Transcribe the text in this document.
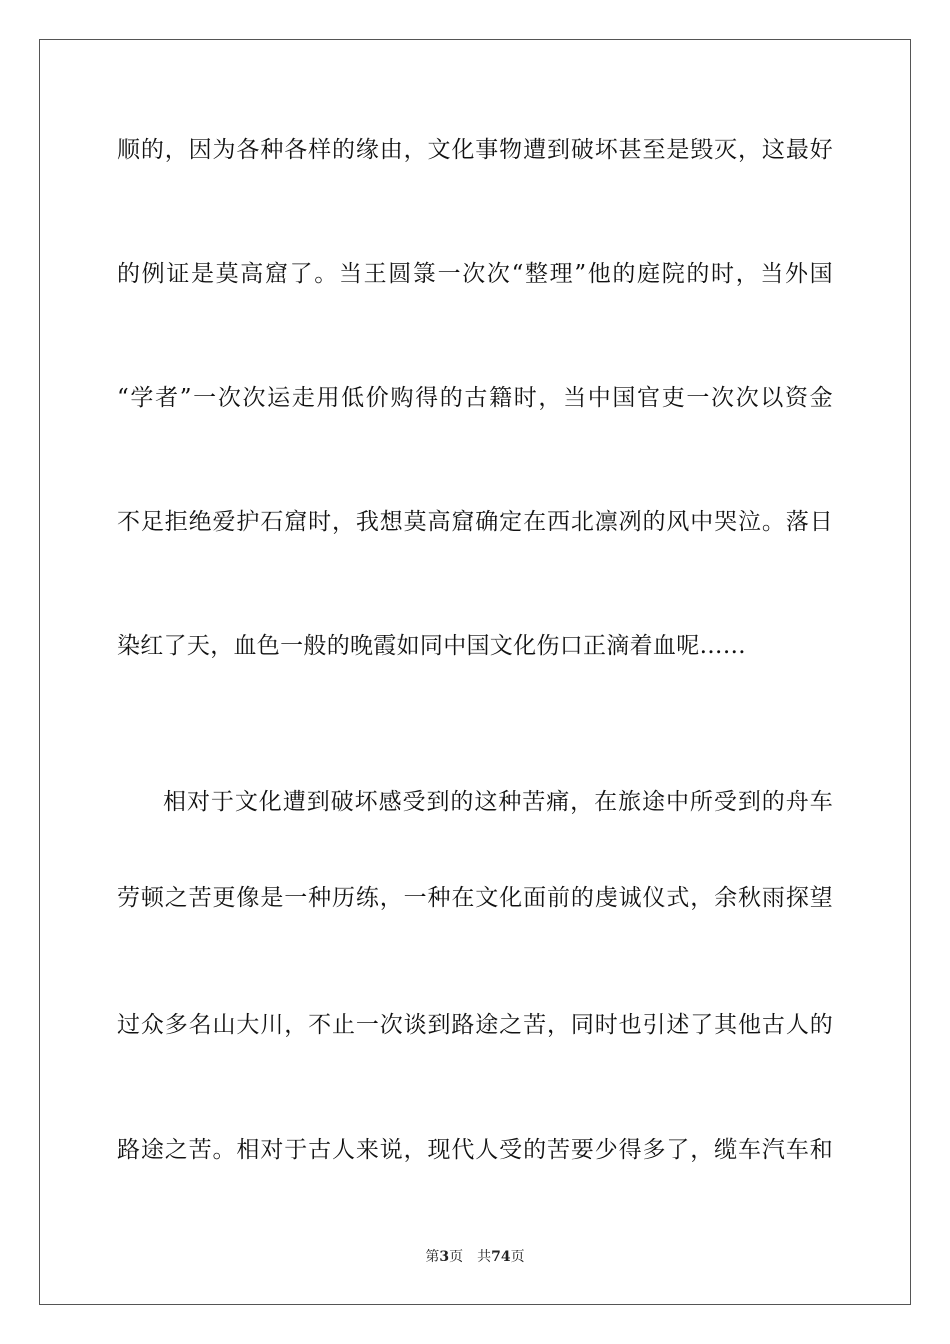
顺的，因为各种各样的缘由，文化事物遭到破坏甚至是毁灭，这最好
的例证是莫高窟了。当王圆箓一次次“整理”他的庭院的时，当外国
“学者”一次次运走用低价购得的古籍时，当中国官吏一次次以资金
不足拒绝爱护石窟时，我想莫高窟确定在西北凛冽的风中哭泣。落日
染红了天，血色一般的晚霞如同中国文化伤口正滴着血呢……
相对于文化遭到破坏感受到的这种苦痛，在旅途中所受到的舟车
劳顿之苦更像是一种历练，一种在文化面前的虔诚仪式，余秋雨探望
过众多名山大川，不止一次谈到路途之苦，同时也引述了其他古人的
路途之苦。相对于古人来说，现代人受的苦要少得多了，缆车汽车和
第3页 共74页
